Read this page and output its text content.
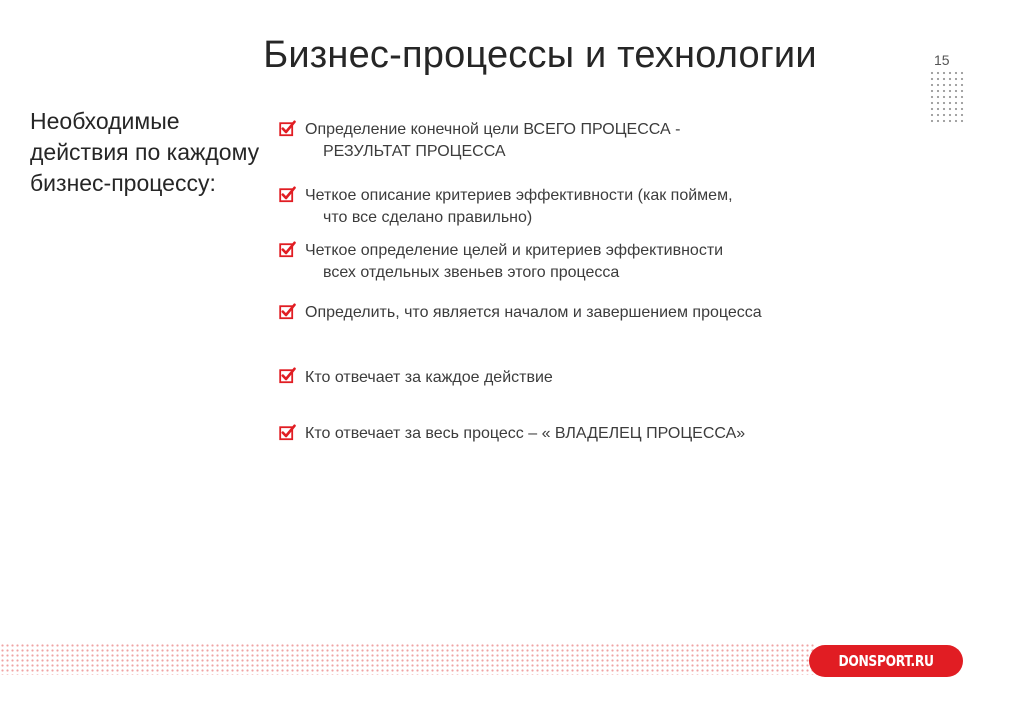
Бизнес-процессы и технологии	15
Необходимые действия по каждому бизнес-процессу:
Определение конечной цели ВСЕГО ПРОЦЕССА -
РЕЗУЛЬТАТ ПРОЦЕССА
Четкое описание критериев эффективности (как поймем,
что все сделано правильно)
Четкое определение целей и критериев эффективности
всех отдельных звеньев этого процесса
Определить, что является началом и завершением процесса
Кто отвечает за каждое действие
Кто отвечает за весь процесс – « ВЛАДЕЛЕЦ ПРОЦЕССА»
DONSPORT.RU
